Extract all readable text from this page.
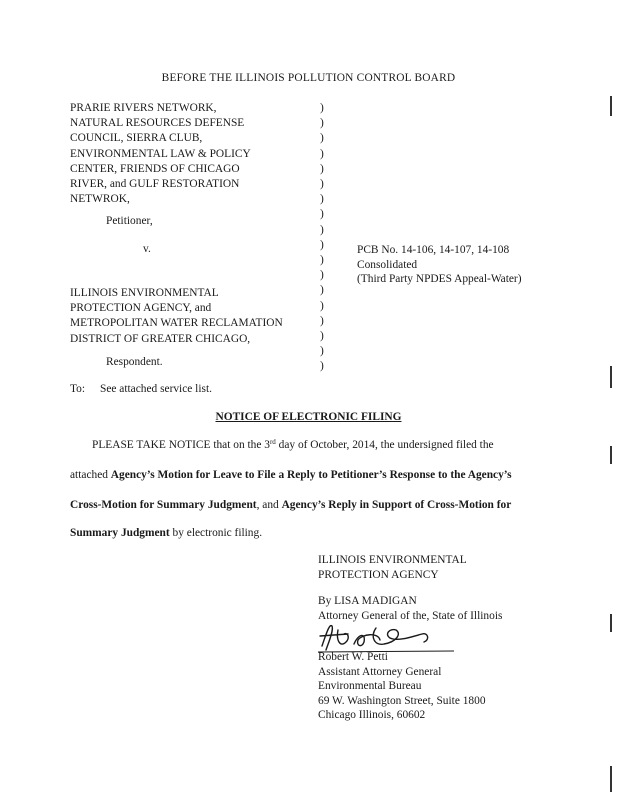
BEFORE THE ILLINOIS POLLUTION CONTROL BOARD
PRARIE RIVERS NETWORK,
NATURAL RESOURCES DEFENSE
COUNCIL, SIERRA CLUB,
ENVIRONMENTAL LAW & POLICY
CENTER, FRIENDS OF CHICAGO
RIVER, and GULF RESTORATION
NETWROK,
Petitioner,
v.
ILLINOIS ENVIRONMENTAL
PROTECTION AGENCY, and
METROPOLITAN WATER RECLAMATION
DISTRICT OF GREATER CHICAGO,
Respondent.
)
)
)
)
)
)
)
)
)
)
)
)
)
)
)
)
)
)
PCB No. 14-106, 14-107, 14-108
Consolidated
(Third Party NPDES Appeal-Water)
To: See attached service list.
NOTICE OF ELECTRONIC FILING
PLEASE TAKE NOTICE that on the 3rd day of October, 2014, the undersigned filed the
attached Agency’s Motion for Leave to File a Reply to Petitioner’s Response to the Agency’s
Cross-Motion for Summary Judgment, and Agency’s Reply in Support of Cross-Motion for
Summary Judgment by electronic filing.
ILLINOIS ENVIRONMENTAL
PROTECTION AGENCY
By LISA MADIGAN
Attorney General of the, State of Illinois
Robert W. Petti
Assistant Attorney General
Environmental Bureau
69 W. Washington Street, Suite 1800
Chicago Illinois, 60602
